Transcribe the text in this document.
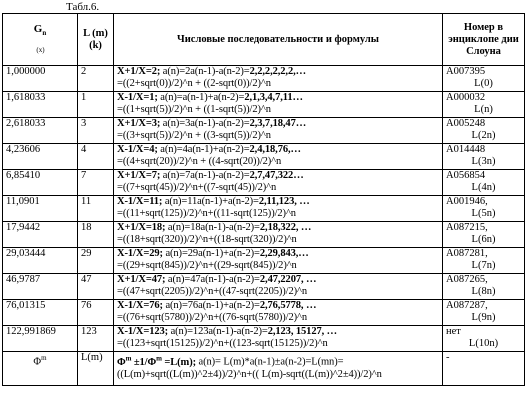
Табл.6.
$G_n$
(x)	L (m)
(k)	Числовые последовательности и формулы	Номер в энциклопе дии Слоуна
1,000000	2	X+1/X=2; a(n)=2a(n-1)-a(n-2)=2,2,2,2,2,2,…
=((2+sqrt(0))/2)^n + ((2-sqrt(0))/2)^n	A007395
L(0)

1,618033	1	X-1/X=1; a(n)=a(n-1)+a(n-2)=2,1,3,4,7,11…
=((1+sqrt(5))/2)^n + ((1-sqrt(5))/2)^n	A000032
L(n)

2,618033	3	X+1/X=3; a(n)=3a(n-1)-a(n-2)=2,3,7,18,47…
=((3+sqrt(5))/2)^n + ((3-sqrt(5))/2)^n	A005248
L(2n)

4,23606	4	X-1/X=4; a(n)=4a(n-1)+a(n-2)=2,4,18,76,…
=((4+sqrt(20))/2)^n + ((4-sqrt(20))/2)^n	A014448
L(3n)

6,85410	7	X+1/X=7; a(n)=7a(n-1)-a(n-2)=2,7,47,322…
=((7+sqrt(45))/2)^n+((7-sqrt(45))/2)^n	A056854
L(4n)

11,0901	11	X-1/X=11; a(n)=11a(n-1)+a(n-2)=2,11,123, …
=((11+sqrt(125))/2)^n+((11-sqrt(125))/2)^n	A001946,
L(5n)

17,9442	18	X+1/X=18; a(n)=18a(n-1)-a(n-2)=2,18,322, …
=((18+sqrt(320))/2)^n+((18-sqrt(320))/2)^n	A087215,
L(6n)

29,03444	29	X-1/X=29; a(n)=29a(n-1)+a(n-2)=2,29,843,…
=((29+sqrt(845))/2)^n+((29-sqrt(845))/2)^n	A087281,
L(7n)

46,9787	47	X+1/X=47; a(n)=47a(n-1)-a(n-2)=2,47,2207, …
=((47+sqrt(2205))/2)^n+((47-sqrt(2205))/2)^n	A087265,
L(8n)

76,01315	76	X-1/X=76; a(n)=76a(n-1)+a(n-2)=2,76,5778, …
=((76+sqrt(5780))/2)^n+((76-sqrt(5780))/2)^n	A087287,
L(9n)

122,991869	123	X-1/X=123; a(n)=123a(n-1)-a(n-2)=2,123, 15127, …
=((123+sqrt(15125))/2)^n+((123-sqrt(15125))/2)^n	нет
L(10n)

$\Phi^m$	L(m)	$\Phi^m \pm 1/\Phi^m =L(m)$; a(n)= L(m)*a(n-1)±a(n-2)=L(mn)=
((L(m)+sqrt((L(m))^2±4))/2)^n+(( L(m)-sqrt((L(m))^2±4))/2)^n	-
